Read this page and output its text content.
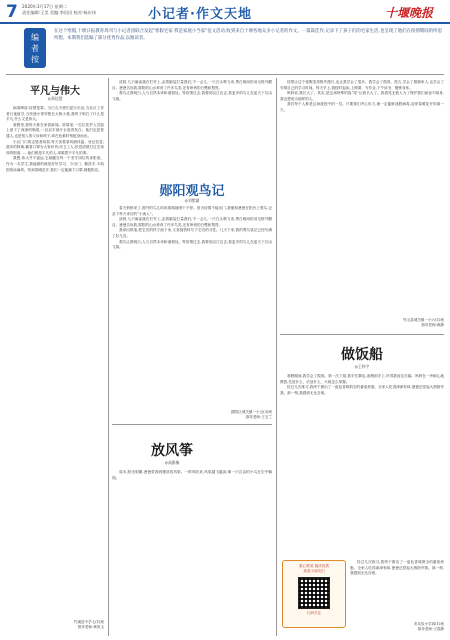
7 2020年3月17日 星期二
责任编辑:王美 美编:李田田 校对:杨庆伟	小记者·作文天地	十堰晚报
编
者
按
在这个寒假,十堰日报教育周刊与小记者团联合发起"寒假宅家·我是家庭小当家"征文活动,收到来自十堰各地众多小记者的作文。一篇篇佳作,记录下了孩子们的宅家生活,也呈现了他们在疫情期间的所思所想。本期我们选编了部分优秀作品,以飨读者。
平凡与伟大
◎郑佳慧

病毒肆虐,疫情笼罩。当白衣天使们逆行出征,当社区工作者日夜值守,当快递小哥穿梭在大街小巷,我终于明白了什么是平凡,什么又是伟大。

寒假里,我每天都在家看新闻。屏幕里,一位位医护人员脸上留下了深深的勒痕,一双双手被汗水泡得发白。他们也是普通人,也是别人的父母和孩子,却在危难时刻挺身而出。

小区门口的志愿者叔叔,每天顶着寒风测体温、登记信息;超市的阿姨,戴着口罩为大家补货;环卫工人,依旧清晨扫过空荡荡的街道……他们都是平凡的人,却做着不平凡的事。

我想,伟大并不遥远,它就藏在每一个坚守岗位的身影里。作为一名学生,我能做的就是好好学习、少出门、勤洗手,不给国家添麻烦。待到春暖花开,我们一定能摘下口罩,拥抱阳光。

竹溪县中学七(1)班
指导老师:黄凤玉
郧阳观鸟记
◎刘紫涵

春天悄悄来了,窗外的鸟儿叽叽喳喳地唱个不停。因为疫情不能出门,我便和爸爸在阳台上观鸟,记录下每天来访的“小客人”。

清晨,几只麻雀落在栏杆上,歪着脑袋打量我们;不一会儿,一只白头鹎飞来,黑白相间的羽毛格外醒目。爸爸告诉我,郧阳的山水养育了许多鸟类,还有珍贵的白鹭和鸳鸯。

我拿出纸笔,把它们的样子画下来,又查阅资料写下它们的习性。几天下来,我的观鸟笔记已经写满了好几页。

观鸟让我明白,人与自然本该和谐相处。等疫情过去,我要到汉江边去,看更多的鸟儿在蓝天下自由飞翔。

清晨,几只麻雀落在栏杆上,歪着脑袋打量我们;不一会儿,一只白头鹎飞来,黑白相间的羽毛格外醒目。爸爸告诉我,郧阳的山水养育了许多鸟类,还有珍贵的白鹭和鸳鸯。

观鸟让我明白,人与自然本该和谐相处。等疫情过去,我要到汉江边去,看更多的鸟儿在蓝天下自由飞翔。

郧阳区城关镇一小五(3)班
指导老师:王玉兰
放风筝
◎高雅楠

周末,阳光明媚,爸爸带我到楼顶放风筝。一阵风吹来,风筝越飞越高,像一只自由的小鸟在空中翱翔。

疫情让这个寒假变得格外漫长,也让我学会了很多。我学会了做饭、洗衣,学会了照顾家人,也学会了安排自己的学习时间。每天早上,我按时起床,上网课、写作业,下午读书、锻炼身体。

妈妈说,我长大了。其实,是这场特殊的战“疫”让我长大了。我看见无数人为了保护我们而奋不顾身,我也想成为那样的人。

我们每个人都是这场战役中的一员。只要我们齐心协力,就一定能够战胜病毒,迎来春暖花开的那一天。

竹山县城关镇一小六(1)班
指导老师:黄静
做饭船
◎王梓宇

寒假期间,我学会了做饭。第一次下厨,我手忙脚乱,油溅到手上,吓得我直往后躲。妈妈在一旁耐心地教我,先放什么、后放什么、火候怎么掌握。

经过几次练习,我终于做出了一盘色香味俱全的番茄炒蛋。全家人吃得津津有味,爸爸还竖起大拇指夸我。那一刻,我感到无比自豪。

重心吸氧 阅读优質
欢迎小朋友们
扫码关注

经过几次练习,我终于做出了一盘色香味俱全的番茄炒蛋。全家人吃得津津有味,爸爸还竖起大拇指夸我。那一刻,我感到无比自豪。

市实验小学四(1)班
指导老师:王春静
